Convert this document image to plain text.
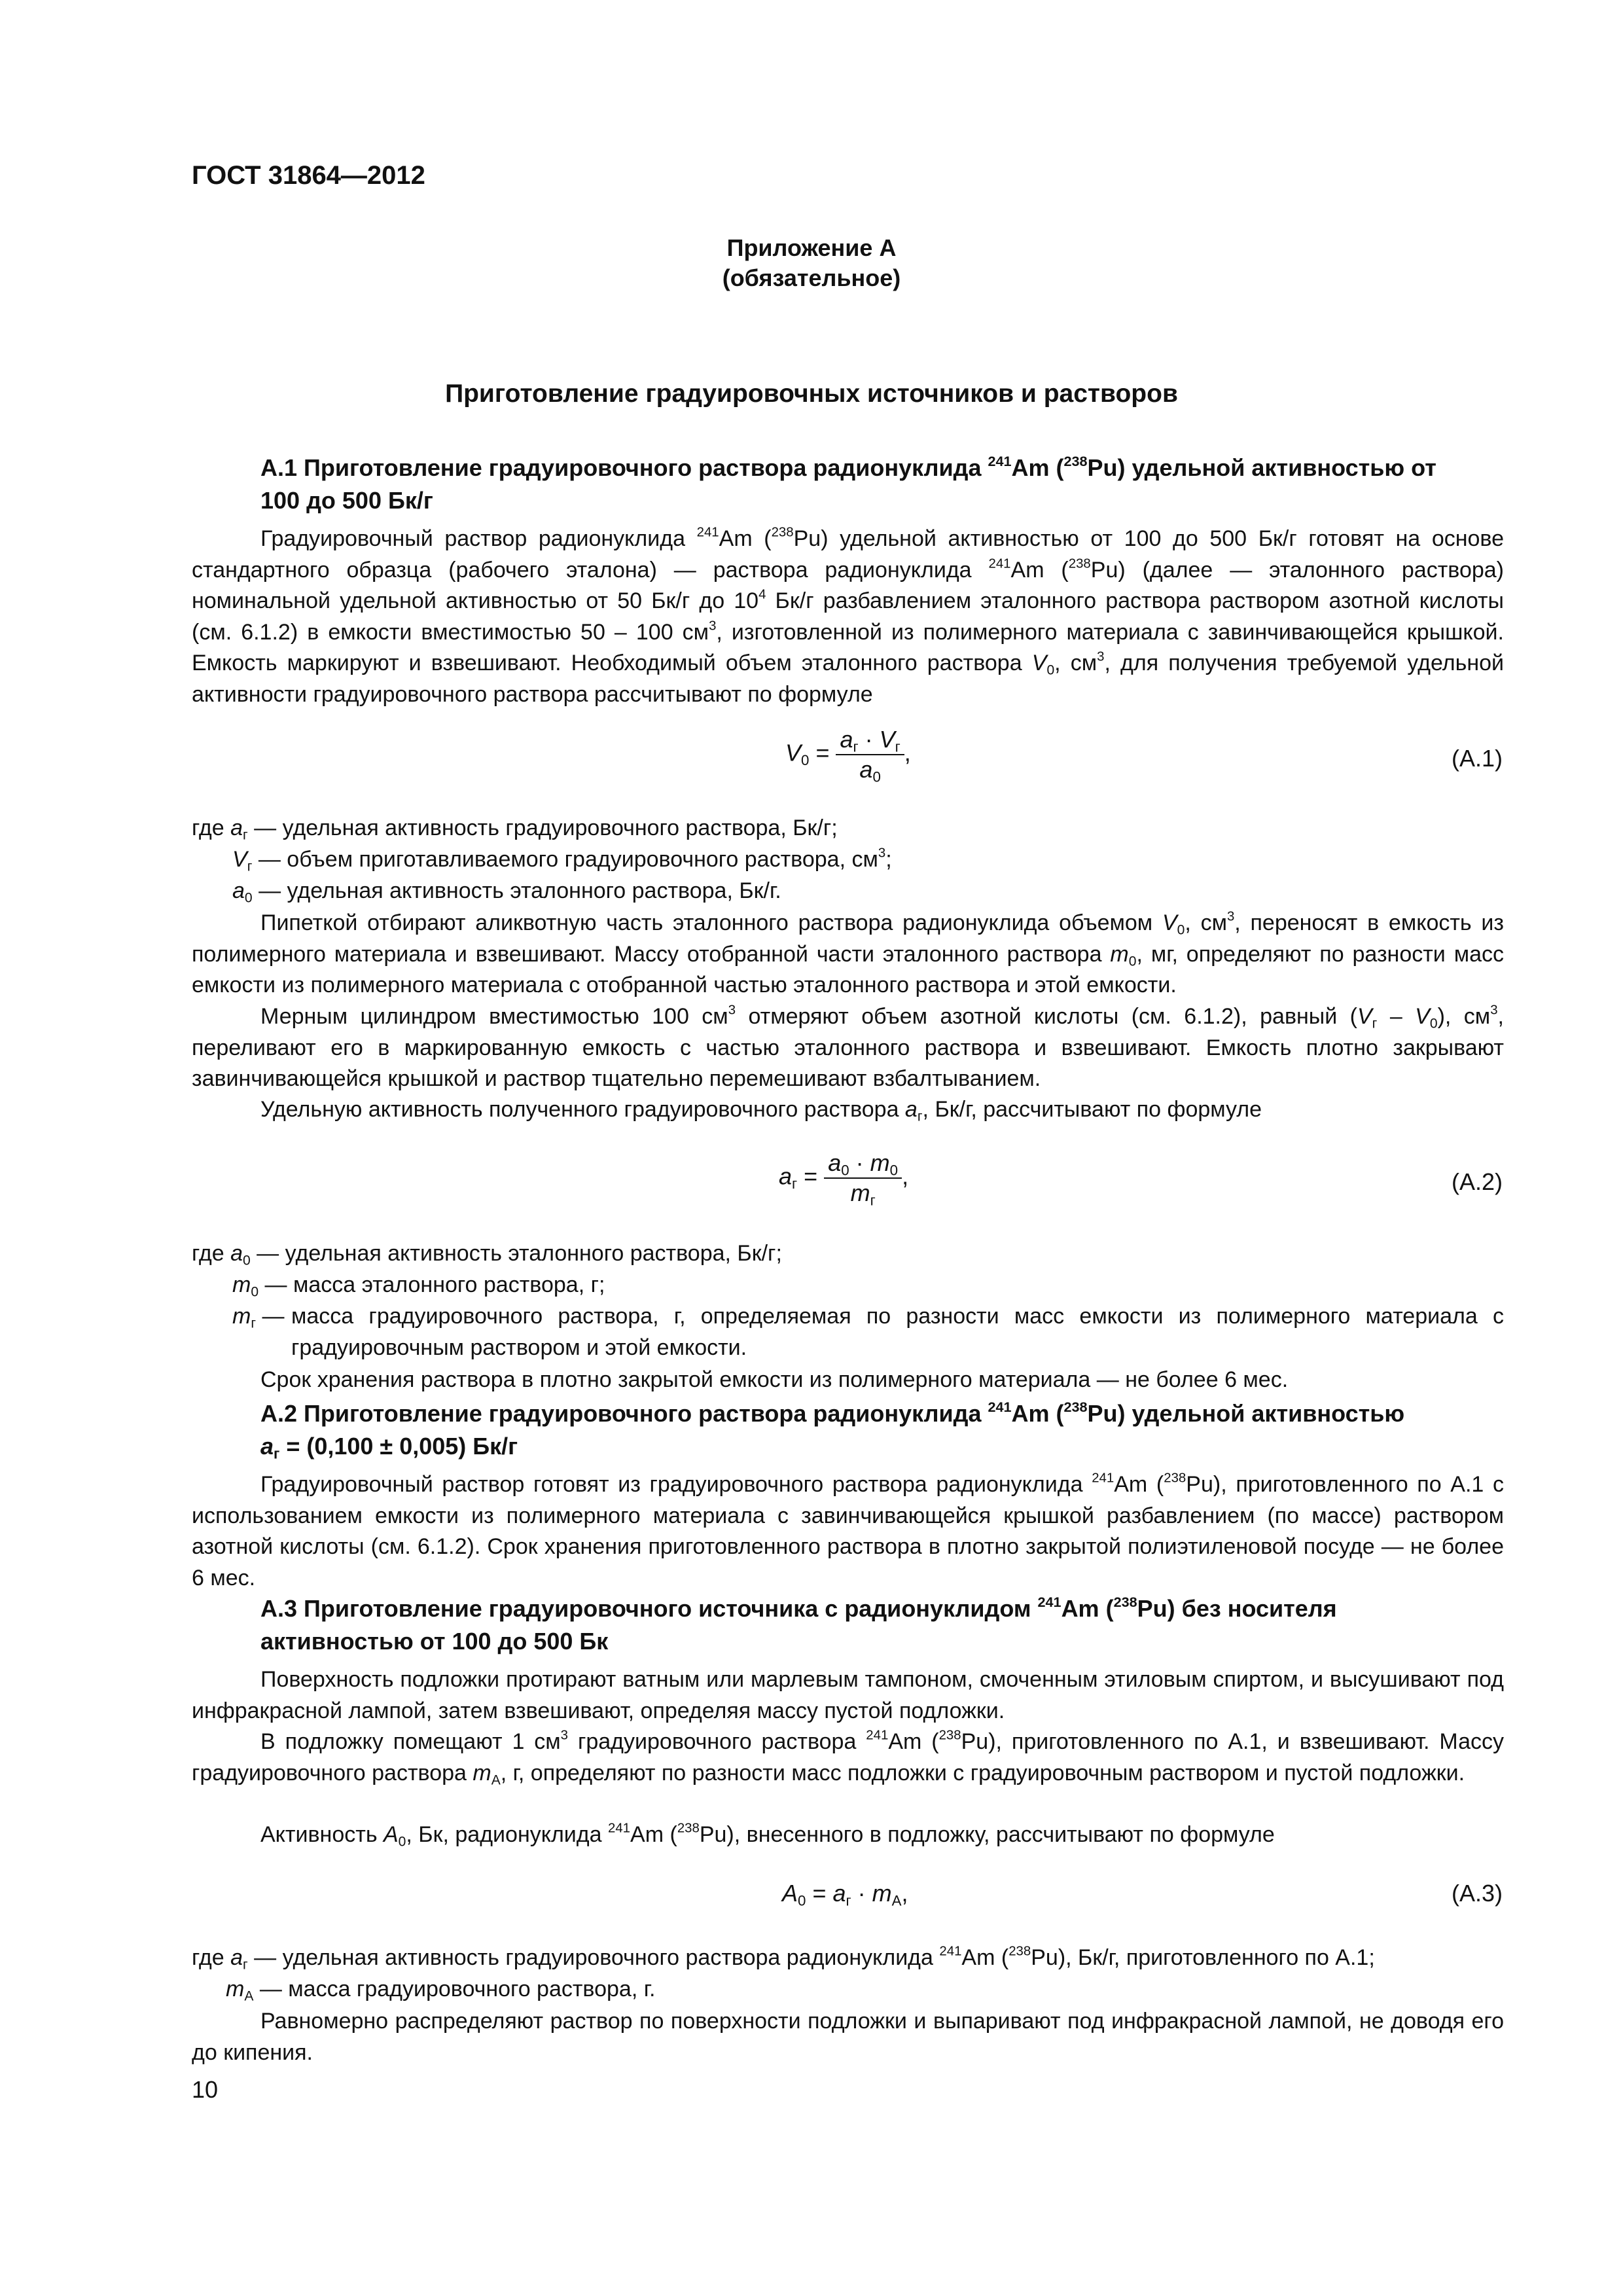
ГОСТ 31864—2012
Приложение А
(обязательное)
Приготовление градуировочных источников и растворов
А.1 Приготовление градуировочного раствора радионуклида $^{241}$Am ($^{238}$Pu) удельной активностью от
100 до 500 Бк/г

Градуировочный раствор радионуклида $^{241}$Am ($^{238}$Pu) удельной активностью от 100 до 500 Бк/г готовят на основе стандартного образца (рабочего эталона) — раствора радионуклида $^{241}$Am ($^{238}$Pu) (далее — эталонного раствора) номинальной удельной активностью от 50 Бк/г до $10^4$ Бк/г разбавлением эталонного раствора раствором азотной кислоты (см. 6.1.2) в емкости вместимостью 50 – 100 $см^3$, изготовленной из полимерного материала с завинчивающейся крышкой. Емкость маркируют и взвешивают. Необходимый объем эталонного раствора $V_0$, $см^3$, для получения требуемой удельной активности градуировочного раствора рассчитывают по формуле

$V_0 = \frac{a_г \cdot V_г}{a_0}$ ,	(А.1)
где $a_г$ — удельная активность градуировочного раствора, Бк/г;
$V_г$ — объем приготавливаемого градуировочного раствора, $см^3$;
$a_0$ — удельная активность эталонного раствора, Бк/г.

Пипеткой отбирают аликвотную часть эталонного раствора радионуклида объемом $V_0$, $см^3$, переносят в емкость из полимерного материала и взвешивают. Массу отобранной части эталонного раствора $m_0$, мг, определяют по разности масс емкости из полимерного материала с отобранной частью эталонного раствора и этой емкости.

Мерным цилиндром вместимостью 100 $см^3$ отмеряют объем азотной кислоты (см. 6.1.2), равный $(V_г - V_0)$, $см^3$, переливают его в маркированную емкость с частью эталонного раствора и взвешивают. Емкость плотно закрывают завинчивающейся крышкой и раствор тщательно перемешивают взбалтыванием.

Удельную активность полученного градуировочного раствора $a_г$, Бк/г, рассчитывают по формуле

$a_г = \frac{a_0 \cdot m_0}{m_г}$ ,	(А.2)
где $a_0$ — удельная активность эталонного раствора, Бк/г;
$m_0$ — масса эталонного раствора, г;
$m_г$ — масса градуировочного раствора, г, определяемая по разности масс емкости из полимерного материала с градуировочным раствором и этой емкости.
Срок хранения раствора в плотно закрытой емкости из полимерного материала — не более 6 мес.
А.2 Приготовление градуировочного раствора радионуклида $^{241}$Am ($^{238}$Pu) удельной активностью
$a_г = (0,100 \pm 0,005)$ Бк/г

Градуировочный раствор готовят из градуировочного раствора радионуклида $^{241}$Am ($^{238}$Pu), приготовленного по А.1 с использованием емкости из полимерного материала с завинчивающейся крышкой разбавлением (по массе) раствором азотной кислоты (см. 6.1.2). Срок хранения приготовленного раствора в плотно закрытой полиэтиленовой посуде — не более 6 мес.

А.3 Приготовление градуировочного источника с радионуклидом $^{241}$Am ($^{238}$Pu) без носителя
активностью от 100 до 500 Бк

Поверхность подложки протирают ватным или марлевым тампоном, смоченным этиловым спиртом, и высушивают под инфракрасной лампой, затем взвешивают, определяя массу пустой подложки.

В подложку помещают 1 $см^3$ градуировочного раствора $^{241}$Am ($^{238}$Pu), приготовленного по А.1, и взвешивают. Массу градуировочного раствора $m_A$, г, определяют по разности масс подложки с градуировочным раствором и пустой подложки.

Активность $A_0$, Бк, радионуклида $^{241}$Am ($^{238}$Pu), внесенного в подложку, рассчитывают по формуле

$A_0 = a_г \cdot m_A$,	(А.3)
где $a_г$ — удельная активность градуировочного раствора радионуклида $^{241}$Am ($^{238}$Pu), Бк/г, приготовленного по А.1;
$m_A$ — масса градуировочного раствора, г.

Равномерно распределяют раствор по поверхности подложки и выпаривают под инфракрасной лампой, не доводя его до кипения.

10
